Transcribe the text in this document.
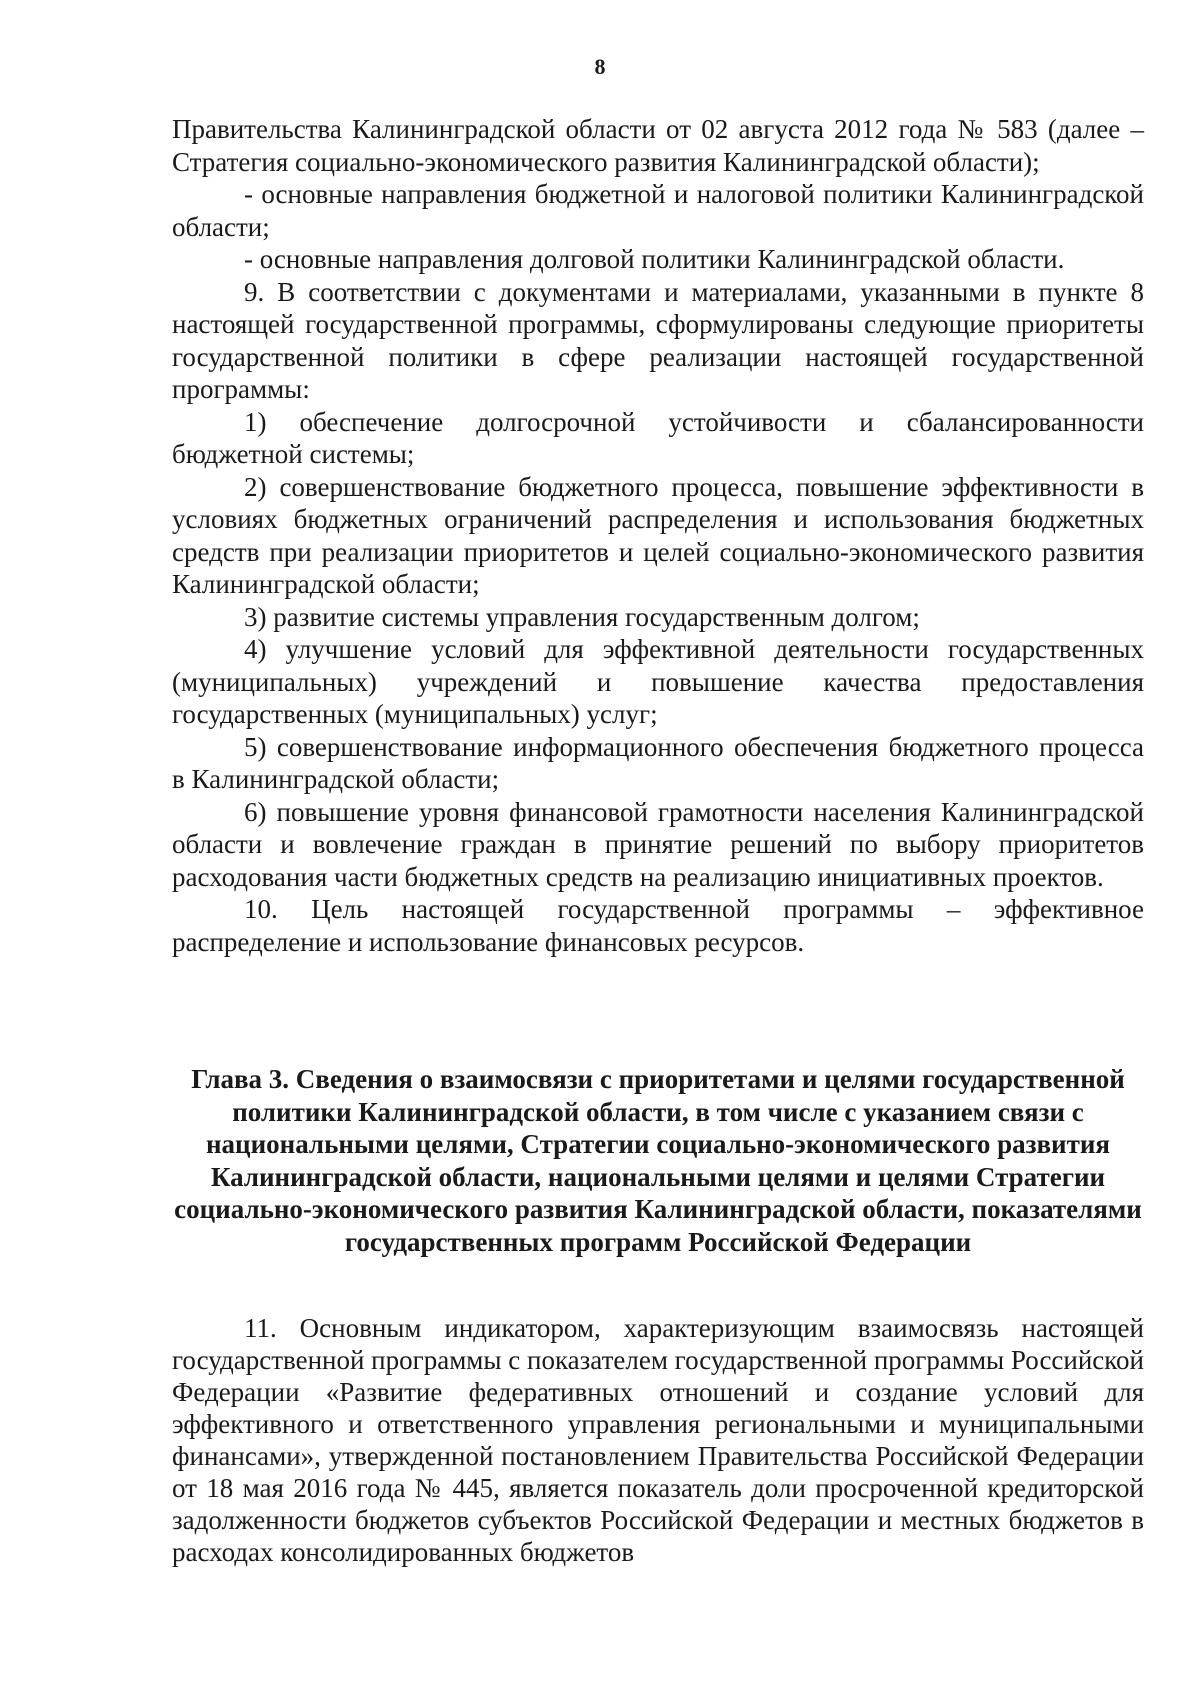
8

Правительства Калининградской области от 02 августа 2012 года № 583 (далее – Стратегия социально-экономического развития Калининградской области);

- основные направления бюджетной и налоговой политики Калининградской области;

- основные направления долговой политики Калининградской области.

9. В соответствии с документами и материалами, указанными в пункте 8 настоящей государственной программы, сформулированы следующие приоритеты государственной политики в сфере реализации настоящей государственной программы:

1) обеспечение долгосрочной устойчивости и сбалансированности бюджетной системы;

2) совершенствование бюджетного процесса, повышение эффективности в условиях бюджетных ограничений распределения и использования бюджетных средств при реализации приоритетов и целей социально-экономического развития Калининградской области;

3) развитие системы управления государственным долгом;

4) улучшение условий для эффективной деятельности государственных (муниципальных) учреждений и повышение качества предоставления государственных (муниципальных) услуг;

5) совершенствование информационного обеспечения бюджетного процесса в Калининградской области;

6) повышение уровня финансовой грамотности населения Калининградской области и вовлечение граждан в принятие решений по выбору приоритетов расходования части бюджетных средств на реализацию инициативных проектов.

10. Цель настоящей государственной программы – эффективное распределение и использование финансовых ресурсов.

Глава 3. Сведения о взаимосвязи с приоритетами и целями государственной политики Калининградской области, в том числе с указанием связи с национальными целями, Стратегии социально-экономического развития Калининградской области, национальными целями и целями Стратегии социально-экономического развития Калининградской области, показателями государственных программ Российской Федерации

11. Основным индикатором, характеризующим взаимосвязь настоящей государственной программы с показателем государственной программы Российской Федерации «Развитие федеративных отношений и создание условий для эффективного и ответственного управления региональными и муниципальными финансами», утвержденной постановлением Правительства Российской Федерации от 18 мая 2016 года № 445, является показатель доли просроченной кредиторской задолженности бюджетов субъектов Российской Федерации и местных бюджетов в расходах консолидированных бюджетов
